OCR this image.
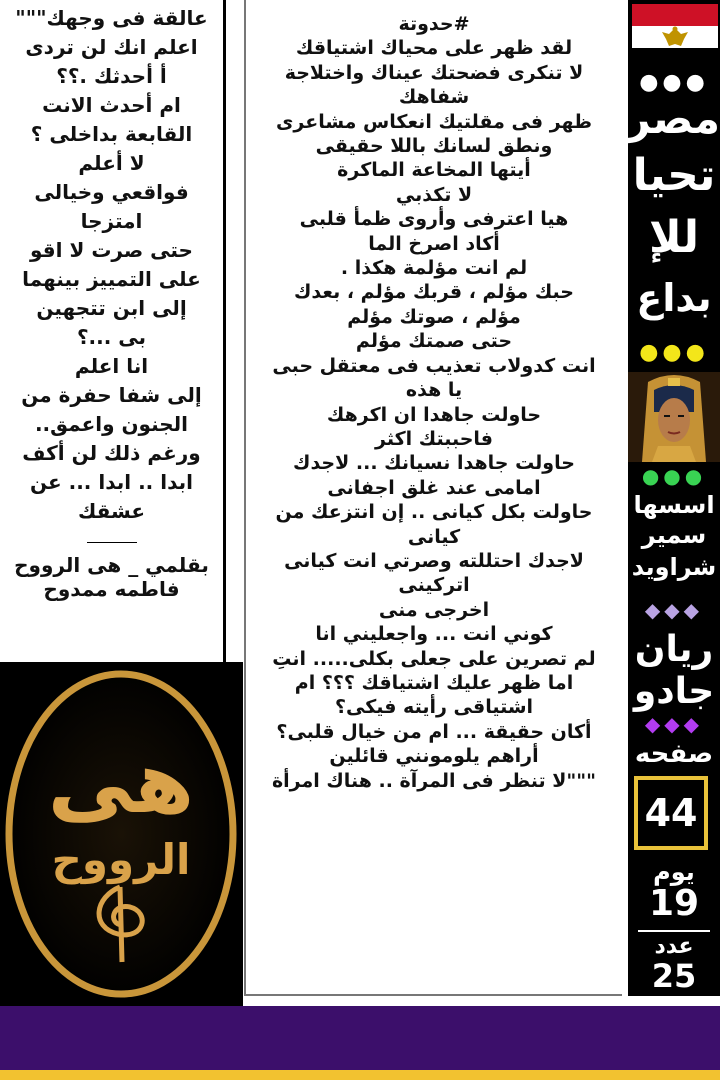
عالقة فى وجهك"""
اعلم انك لن تردى
أ أحدثك .؟؟
ام أحدث الانت
القابعة بداخلى ؟
لا أعلم
فواقعي وخيالى
امتزجا
حتى صرت لا اقو
على التمييز بينهما
إلى ابن تتجهين
بى ...؟
انا اعلم
إلى شفا حفرة من
الجنون واعمق..
ورغم ذلك لن أكف
ابدا .. ابدا ... عن
عشقك
بقلمي _ هى الرووح
فاطمه ممدوح
هى
الرووح
#حدوتة
لقد ظهر على محياك اشتياقك
لا تنكرى فضحتك عيناك واختلاجة
شفاهك
ظهر فى مقلتيك انعكاس مشاعرى
ونطق لسانك باللا حقيقى
أيتها المخاعة الماكرة
لا تكذبي
هيا اعترفى وأروى ظمأ قلبى
أكاد اصرخ الما
لم انت مؤلمة هكذا .
حبك مؤلم ، قربك مؤلم ، بعدك
مؤلم ، صوتك مؤلم
حتى صمتك مؤلم
انت كدولاب تعذيب فى معتقل حبى
يا هذه
حاولت جاهدا ان اكرهك
فاحببتك اكثر
حاولت جاهدا نسيانك ... لاجدك
امامى عند غلق اجفانى
حاولت بكل كيانى .. إن انتزعك من
كيانى
لاجدك احتللته وصرتي انت كيانى
اتركينى
اخرجى منى
كوني انت ... واجعليني انا
لم تصرين على جعلى بكلى..... انتِ
اما ظهر عليك اشتياقك ؟؟؟ ام
اشتياقى رأيته فيكى؟
أكان حقيقة ... ام من خيال قلبى؟
أراهم يلومونني قائلين
"""لا تنظر فى المرآة .. هناك امرأة
●●●
مصر
تحيا
للإ
بداع
●●●
●●●
اسسها
سمير
شراويد
◆◆◆
ريان
جادو
◆◆◆
صفحه
44
يوم
19
عدد
25
